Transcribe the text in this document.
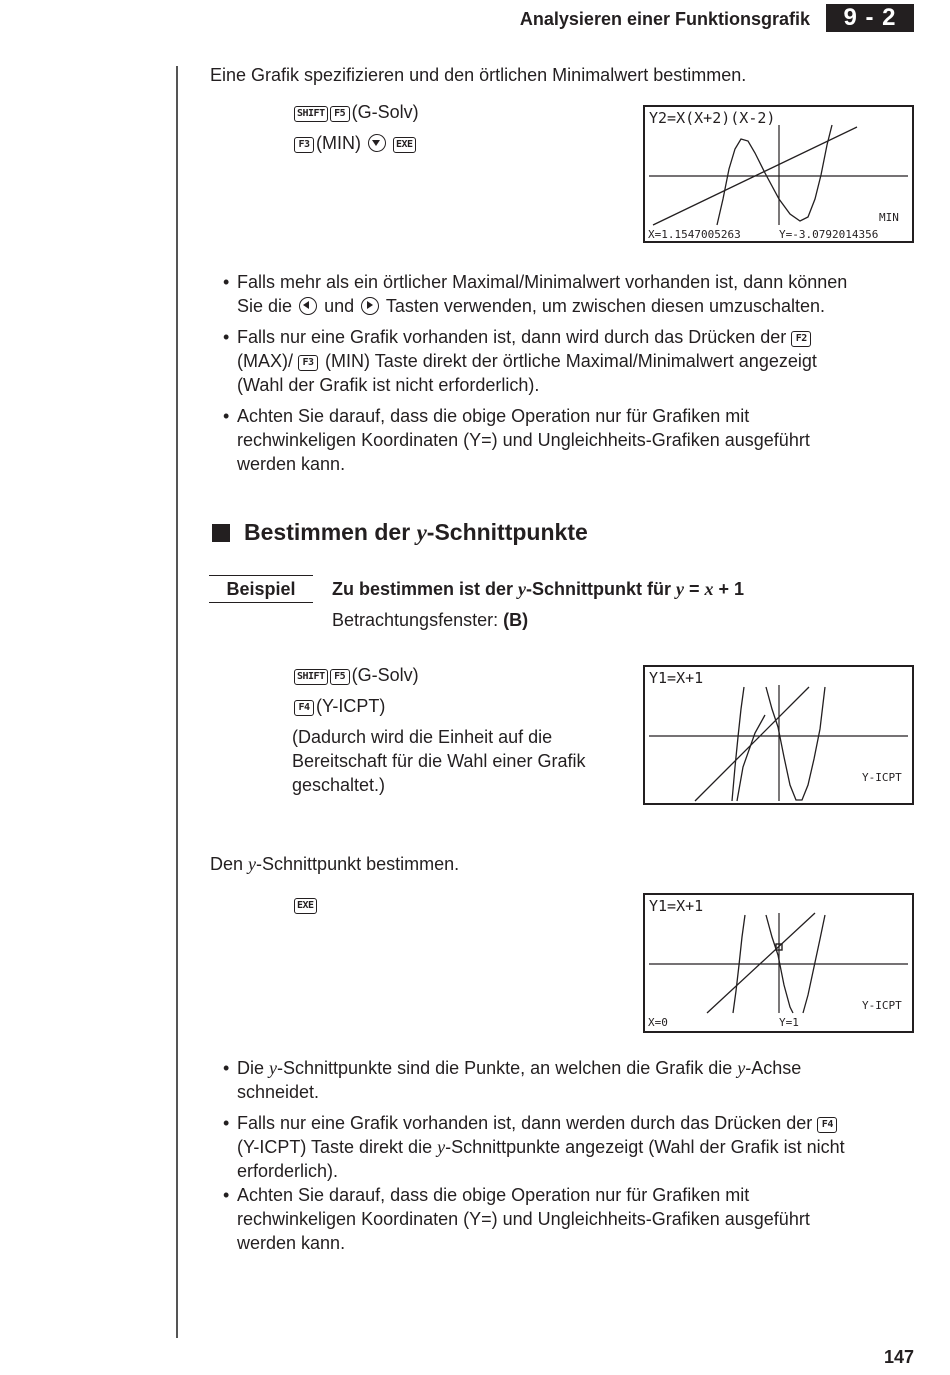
Analysieren einer Funktionsgrafik	9 - 2
Eine Grafik spezifizieren und den örtlichen Minimalwert bestimmen.
SHIFT F5 (G-Solv)
F3 (MIN)	EXE
Y2=X(X+2)(X-2)
MIN
X=1.1547005263	Y=-3.0792014356
• Falls mehr als ein örtlicher Maximal/Minimalwert vorhanden ist, dann können
Sie die und Tasten verwenden, um zwischen diesen umzuschalten.
• Falls nur eine Grafik vorhanden ist, dann wird durch das Drücken der F2
(MAX)/ F3 (MIN) Taste direkt der örtliche Maximal/Minimalwert angezeigt
(Wahl der Grafik ist nicht erforderlich).
• Achten Sie darauf, dass die obige Operation nur für Grafiken mit
rechwinkeligen Koordinaten (Y=) und Ungleichheits-Grafiken ausgeführt
werden kann.
Bestimmen der y-Schnittpunkte
Beispiel	Zu bestimmen ist der y-Schnittpunkt für y = x + 1
Betrachtungsfenster: (B)
SHIFT F5 (G-Solv)
F4 (Y-ICPT)
(Dadurch wird die Einheit auf die
Bereitschaft für die Wahl einer Grafik
geschaltet.)
Y1=X+1
Y-ICPT
Den y-Schnittpunkt bestimmen.
EXE	Y1=X+1
Y-ICPT
X=0	Y=1
• Die y-Schnittpunkte sind die Punkte, an welchen die Grafik die y-Achse
schneidet.
• Falls nur eine Grafik vorhanden ist, dann werden durch das Drücken der F4
(Y-ICPT) Taste direkt die y-Schnittpunkte angezeigt (Wahl der Grafik ist nicht
erforderlich).
• Achten Sie darauf, dass die obige Operation nur für Grafiken mit
rechwinkeligen Koordinaten (Y=) und Ungleichheits-Grafiken ausgeführt
werden kann.
147
